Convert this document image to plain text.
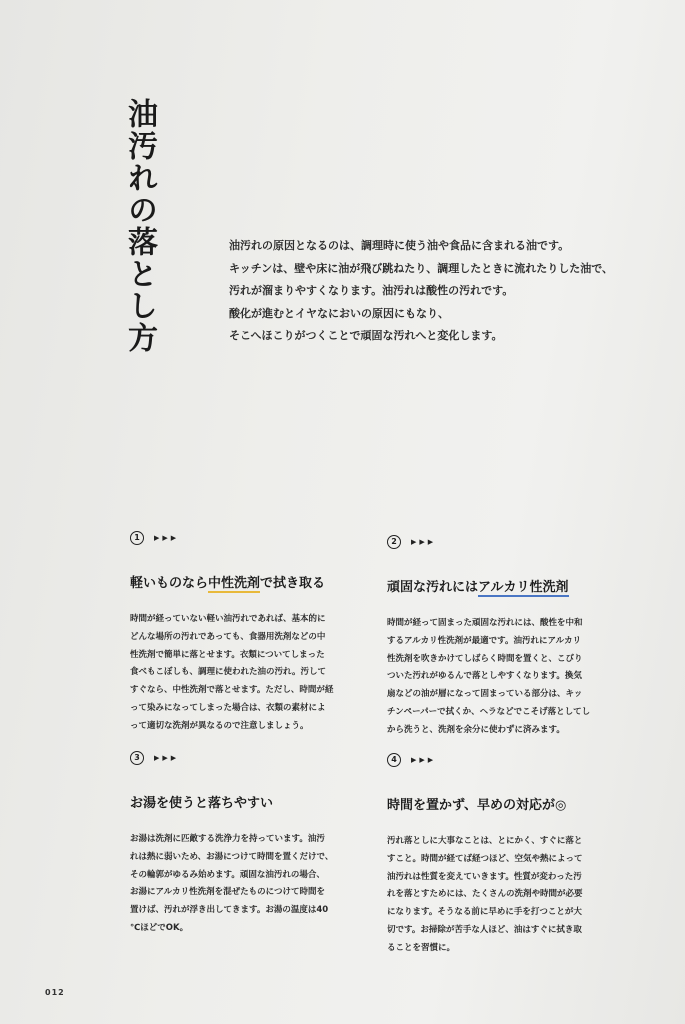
油汚れの落とし方	油汚れの原因となるのは、調理時に使う油や食品に含まれる油です。

キッチンは、壁や床に油が飛び跳ねたり、調理したときに流れたりした油で、

汚れが溜まりやすくなります。油汚れは酸性の汚れです。

酸化が進むとイヤなにおいの原因にもなり、

そこへほこりがつくことで頑固な汚れへと変化します。

1	▶▶▶
軽いものなら中性洗剤で拭き取る

時間が経っていない軽い油汚れであれば、基本的に

どんな場所の汚れであっても、食器用洗剤などの中

性洗剤で簡単に落とせます。衣類についてしまった

食べもこぼしも、調理に使われた油の汚れ。汚して

すぐなら、中性洗剤で落とせます。ただし、時間が経

って染みになってしまった場合は、衣類の素材によ

って適切な洗剤が異なるので注意しましょう。

2	▶▶▶
頑固な汚れにはアルカリ性洗剤

時間が経って固まった頑固な汚れには、酸性を中和

するアルカリ性洗剤が最適です。油汚れにアルカリ

性洗剤を吹きかけてしばらく時間を置くと、こびり

ついた汚れがゆるんで落としやすくなります。換気

扇などの油が層になって固まっている部分は、キッ

チンペーパーで拭くか、ヘラなどでこそげ落としてし

から洗うと、洗剤を余分に使わずに済みます。

3	▶▶▶
お湯を使うと落ちやすい

お湯は洗剤に匹敵する洗浄力を持っています。油汚

れは熱に弱いため、お湯につけて時間を置くだけで、

その輪郭がゆるみ始めます。頑固な油汚れの場合、

お湯にアルカリ性洗剤を混ぜたものにつけて時間を

置けば、汚れが浮き出してきます。お湯の温度は40

℃ほどでOK。

4	▶▶▶
時間を置かず、早めの対応が◎

汚れ落としに大事なことは、とにかく、すぐに落と

すこと。時間が経てば経つほど、空気や熱によって

油汚れは性質を変えていきます。性質が変わった汚

れを落とすためには、たくさんの洗剤や時間が必要

になります。そうなる前に早めに手を打つことが大

切です。お掃除が苦手な人ほど、油はすぐに拭き取

ることを習慣に。

012
